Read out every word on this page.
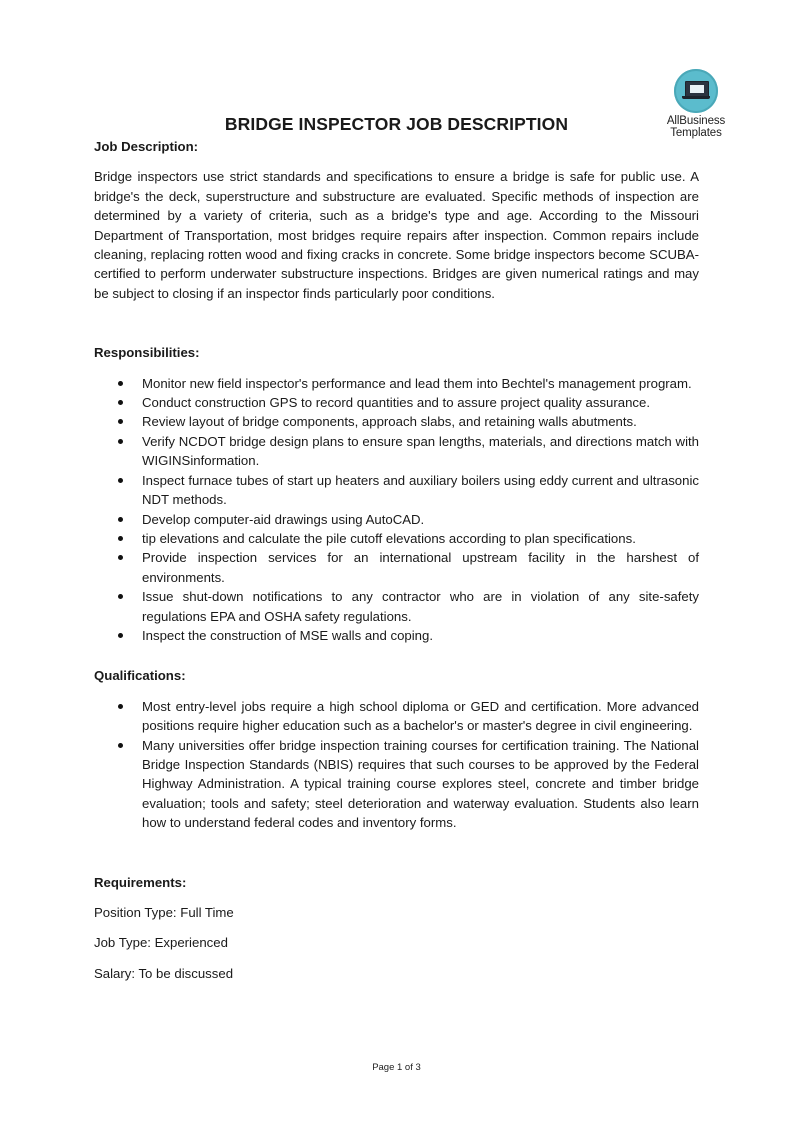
AllBusiness
Templates
BRIDGE INSPECTOR JOB DESCRIPTION

Job Description:

Bridge inspectors use strict standards and specifications to ensure a bridge is safe for public use. A bridge's the deck, superstructure and substructure are evaluated. Specific methods of inspection are determined by a variety of criteria, such as a bridge's type and age. According to the Missouri Department of Transportation, most bridges require repairs after inspection. Common repairs include cleaning, replacing rotten wood and fixing cracks in concrete. Some bridge inspectors become SCUBA-certified to perform underwater substructure inspections. Bridges are given numerical ratings and may be subject to closing if an inspector finds particularly poor conditions.

Responsibilities:

Monitor new field inspector's performance and lead them into Bechtel's management program.
Conduct construction GPS to record quantities and to assure project quality assurance.
Review layout of bridge components, approach slabs, and retaining walls abutments.
Verify NCDOT bridge design plans to ensure span lengths, materials, and directions match with WIGINSinformation.
Inspect furnace tubes of start up heaters and auxiliary boilers using eddy current and ultrasonic NDT methods.
Develop computer-aid drawings using AutoCAD.
tip elevations and calculate the pile cutoff elevations according to plan specifications.
Provide inspection services for an international upstream facility in the harshest of environments.
Issue shut-down notifications to any contractor who are in violation of any site-safety regulations EPA and OSHA safety regulations.
Inspect the construction of MSE walls and coping.

Qualifications:

Most entry-level jobs require a high school diploma or GED and certification. More advanced positions require higher education such as a bachelor's or master's degree in civil engineering.
Many universities offer bridge inspection training courses for certification training. The National Bridge Inspection Standards (NBIS) requires that such courses to be approved by the Federal Highway Administration. A typical training course explores steel, concrete and timber bridge evaluation; tools and safety; steel deterioration and waterway evaluation. Students also learn how to understand federal codes and inventory forms.

Requirements:

Position Type: Full Time

Job Type: Experienced

Salary: To be discussed

Page 1 of 3
